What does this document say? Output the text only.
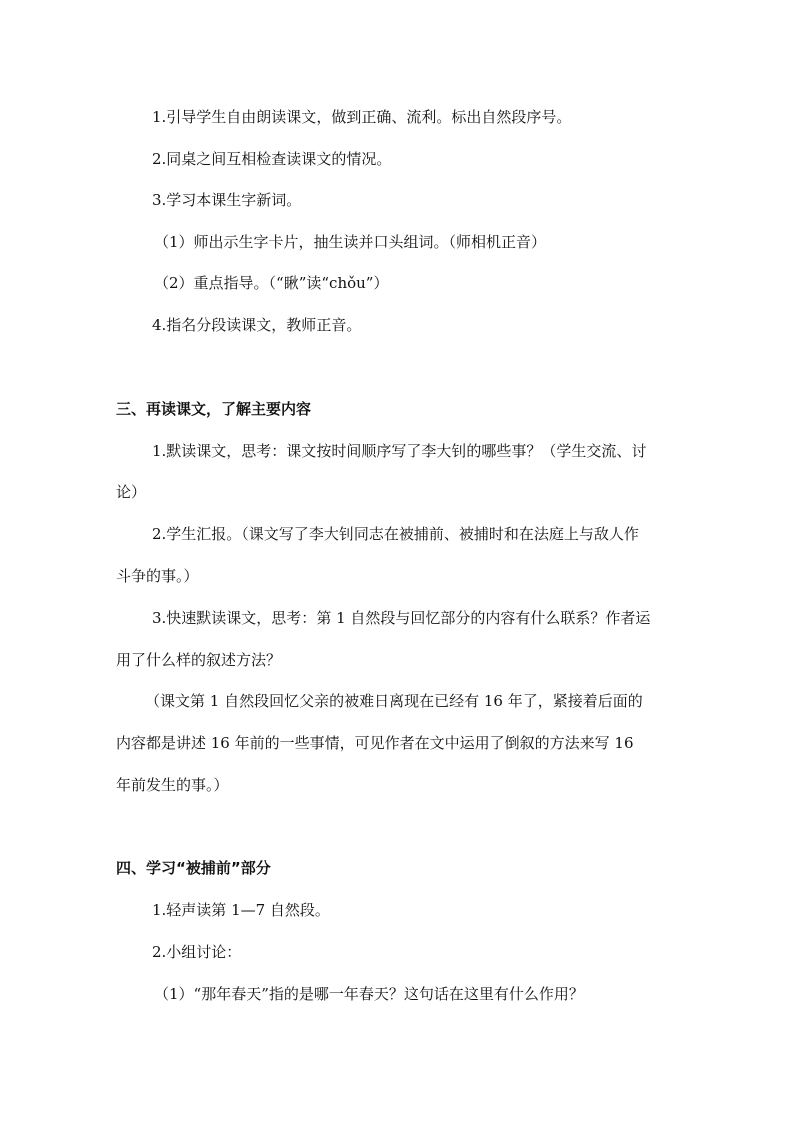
1.引导学生自由朗读课文，做到正确、流利。标出自然段序号。
2.同桌之间互相检查读课文的情况。
3.学习本课生字新词。
（1）师出示生字卡片，抽生读并口头组词。（师相机正音）
（2）重点指导。（“瞅”读“chǒu”）
4.指名分段读课文，教师正音。
三、再读课文，了解主要内容
1.默读课文，思考：课文按时间顺序写了李大钊的哪些事？（学生交流、讨
论）
2.学生汇报。（课文写了李大钊同志在被捕前、被捕时和在法庭上与敌人作
斗争的事。）
3.快速默读课文，思考：第 1 自然段与回忆部分的内容有什么联系？作者运
用了什么样的叙述方法？
（课文第 1 自然段回忆父亲的被难日离现在已经有 16 年了，紧接着后面的
内容都是讲述 16 年前的一些事情，可见作者在文中运用了倒叙的方法来写 16
年前发生的事。）
四、学习“被捕前”部分
1.轻声读第 1—7 自然段。
2.小组讨论：
（1）“那年春天”指的是哪一年春天？这句话在这里有什么作用？
